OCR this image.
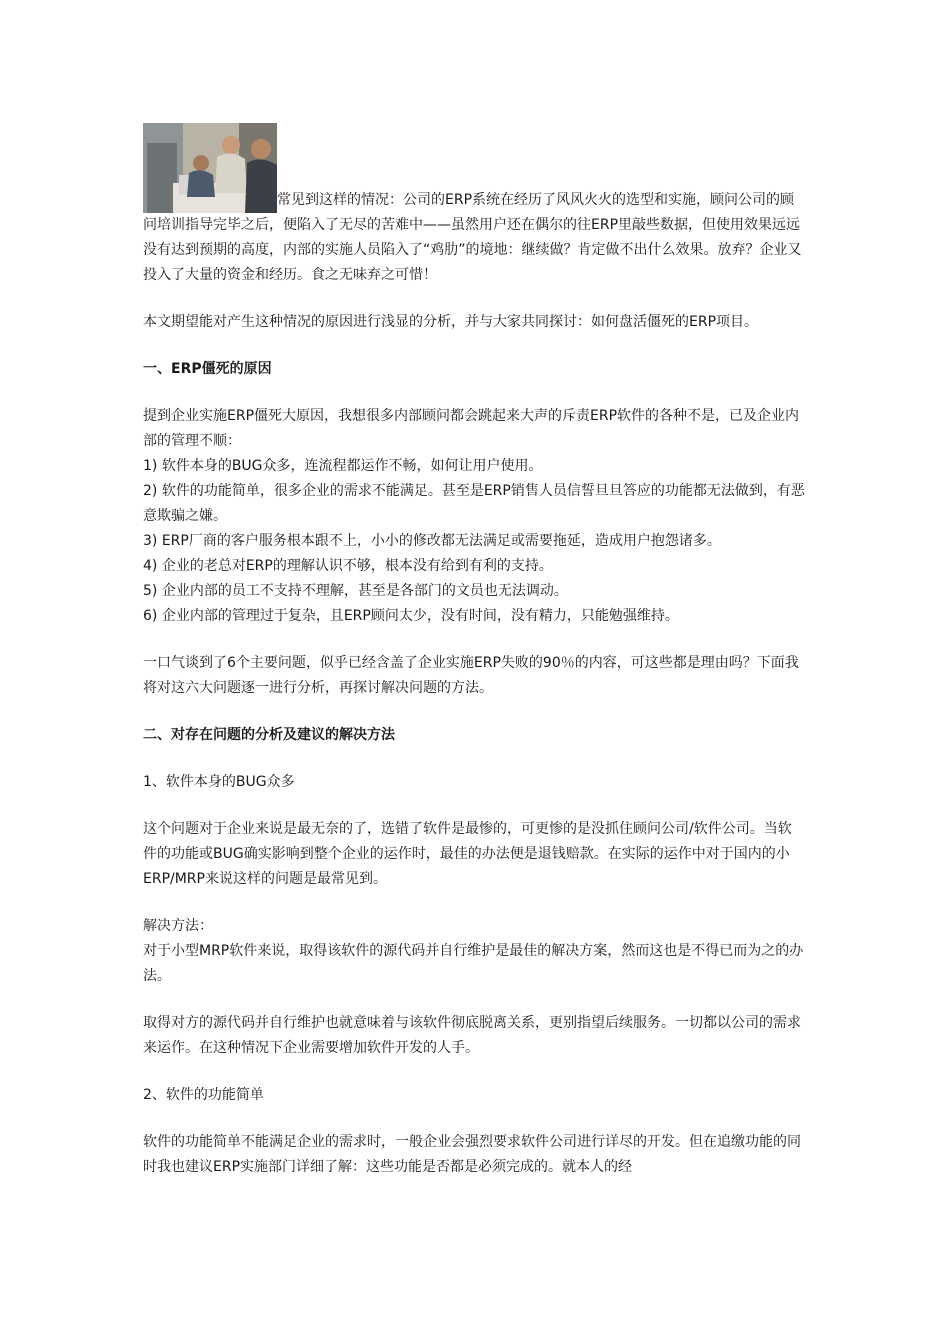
常见到这样的情况：公司的ERP系统在经历了风风火火的选型和实施，顾问公司的顾问培训指导完毕之后，便陷入了无尽的苦难中——虽然用户还在偶尔的往ERP里敲些数据，但使用效果远远没有达到预期的高度，内部的实施人员陷入了“鸡肋”的境地：继续做？肯定做不出什么效果。放弃？企业又投入了大量的资金和经历。食之无味弃之可惜！

本文期望能对产生这种情况的原因进行浅显的分析，并与大家共同探讨：如何盘活僵死的ERP项目。

一、ERP僵死的原因

提到企业实施ERP僵死大原因，我想很多内部顾问都会跳起来大声的斥责ERP软件的各种不是，已及企业内部的管理不顺：

1) 软件本身的BUG众多，连流程都运作不畅，如何让用户使用。
2) 软件的功能简单，很多企业的需求不能满足。甚至是ERP销售人员信誓旦旦答应的功能都无法做到，有恶意欺骗之嫌。
3) ERP厂商的客户服务根本跟不上，小小的修改都无法满足或需要拖延，造成用户抱怨诸多。
4) 企业的老总对ERP的理解认识不够，根本没有给到有利的支持。
5) 企业内部的员工不支持不理解，甚至是各部门的文员也无法调动。
6) 企业内部的管理过于复杂，且ERP顾问太少，没有时间，没有精力，只能勉强维持。

一口气谈到了6个主要问题，似乎已经含盖了企业实施ERP失败的90％的内容，可这些都是理由吗？下面我将对这六大问题逐一进行分析，再探讨解决问题的方法。

二、对存在问题的分析及建议的解决方法

1、软件本身的BUG众多

这个问题对于企业来说是最无奈的了，选错了软件是最惨的，可更惨的是没抓住顾问公司/软件公司。当软件的功能或BUG确实影响到整个企业的运作时，最佳的办法便是退钱赔款。在实际的运作中对于国内的小ERP/MRP来说这样的问题是最常见到。

解决方法：

对于小型MRP软件来说，取得该软件的源代码并自行维护是最佳的解决方案，然而这也是不得已而为之的办法。

取得对方的源代码并自行维护也就意味着与该软件彻底脱离关系，更别指望后续服务。一切都以公司的需求来运作。在这种情况下企业需要增加软件开发的人手。

2、软件的功能简单

软件的功能简单不能满足企业的需求时，一般企业会强烈要求软件公司进行详尽的开发。但在追缴功能的同时我也建议ERP实施部门详细了解：这些功能是否都是必须完成的。就本人的经
